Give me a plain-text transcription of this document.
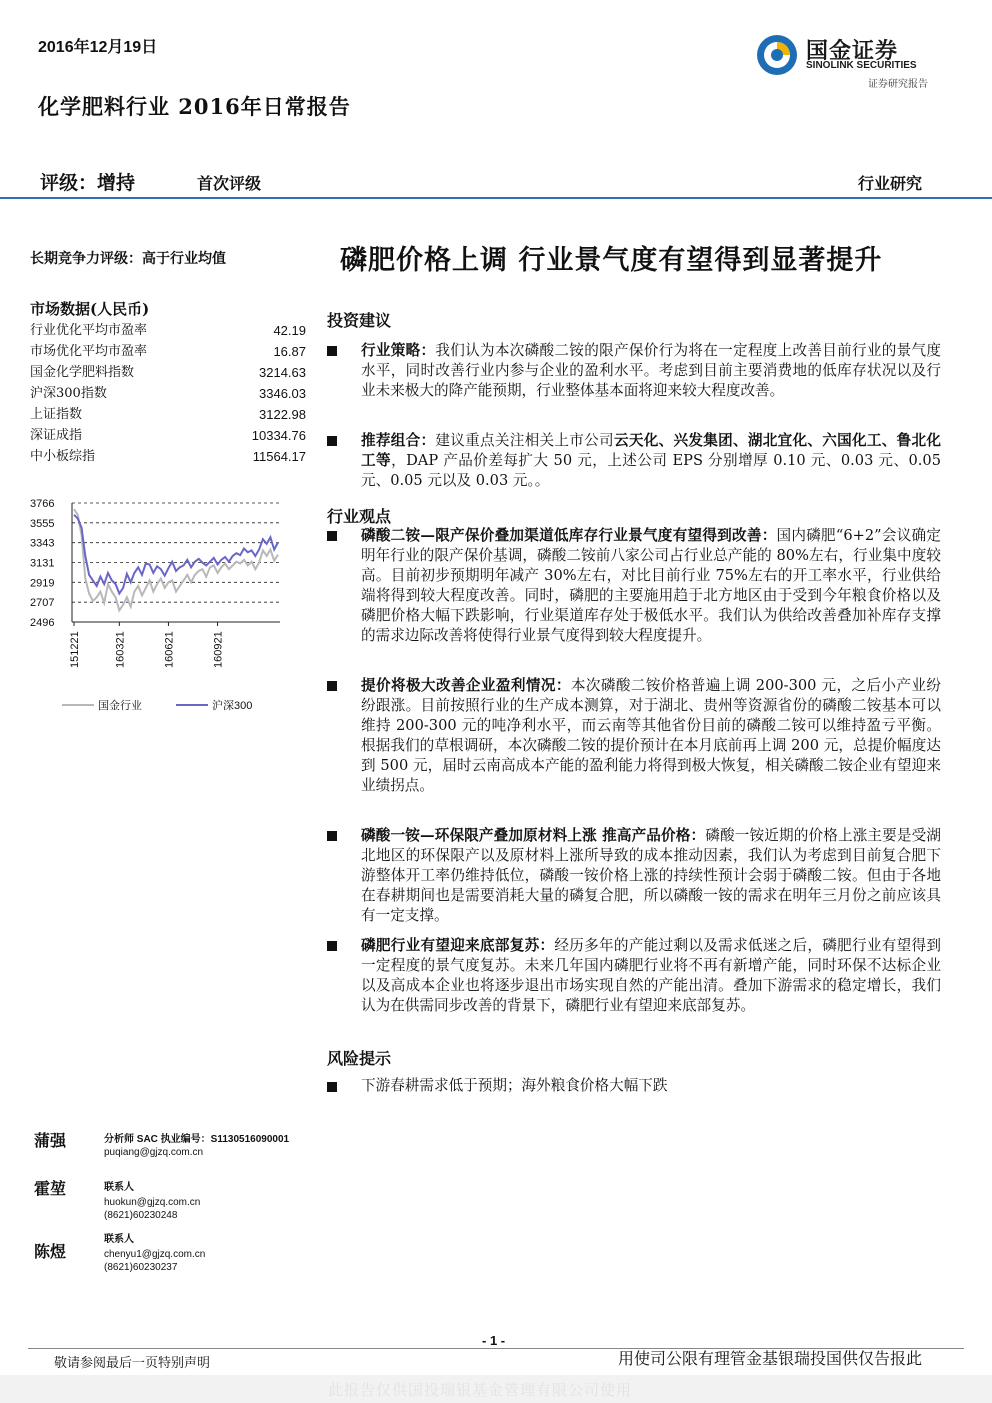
2016年12月19日	国金证券
SINOLINK SECURITIES
证券研究报告
化学肥料行业 2016年日常报告
评级：增持	首次评级	行业研究
长期竞争力评级：高于行业均值	磷肥价格上调 行业景气度有望得到显著提升
市场数据(人民币)
行业优化平均市盈率	42.19
市场优化平均市盈率	16.87
国金化学肥料指数	3214.63
沪深300指数	3346.03
上证指数	3122.98
深证成指	10334.76
中小板综指	11564.17
3766
3555
3343
3131
2919
2707
2496
151221	160321	160621	160921
国金行业	沪深300
投资建议
行业策略：我们认为本次磷酸二铵的限产保价行为将在一定程度上改善目前行业的景气度水平，同时改善行业内参与企业的盈利水平。考虑到目前主要消费地的低库存状况以及行业未来极大的降产能预期，行业整体基本面将迎来较大程度改善。
推荐组合：建议重点关注相关上市公司云天化、兴发集团、湖北宜化、六国化工、鲁北化工等，DAP 产品价差每扩大 50 元，上述公司 EPS 分别增厚 0.10 元、0.03 元、0.05 元、0.05 元以及 0.03 元。。
行业观点
磷酸二铵—限产保价叠加渠道低库存行业景气度有望得到改善：国内磷肥“6+2”会议确定明年行业的限产保价基调，磷酸二铵前八家公司占行业总产能的 80%左右，行业集中度较高。目前初步预期明年减产 30%左右，对比目前行业 75%左右的开工率水平，行业供给端将得到较大程度改善。同时，磷肥的主要施用趋于北方地区由于受到今年粮食价格以及磷肥价格大幅下跌影响，行业渠道库存处于极低水平。我们认为供给改善叠加补库存支撑的需求边际改善将使得行业景气度得到较大程度提升。
提价将极大改善企业盈利情况：本次磷酸二铵价格普遍上调 200-300 元，之后小产业纷纷跟涨。目前按照行业的生产成本测算，对于湖北、贵州等资源省份的磷酸二铵基本可以维持 200-300 元的吨净利水平，而云南等其他省份目前的磷酸二铵可以维持盈亏平衡。根据我们的草根调研，本次磷酸二铵的提价预计在本月底前再上调 200 元，总提价幅度达到 500 元，届时云南高成本产能的盈利能力将得到极大恢复，相关磷酸二铵企业有望迎来业绩拐点。
磷酸一铵—环保限产叠加原材料上涨 推高产品价格：磷酸一铵近期的价格上涨主要是受湖北地区的环保限产以及原材料上涨所导致的成本推动因素，我们认为考虑到目前复合肥下游整体开工率仍维持低位，磷酸一铵价格上涨的持续性预计会弱于磷酸二铵。但由于各地在春耕期间也是需要消耗大量的磷复合肥，所以磷酸一铵的需求在明年三月份之前应该具有一定支撑。
磷肥行业有望迎来底部复苏：经历多年的产能过剩以及需求低迷之后，磷肥行业有望得到一定程度的景气度复苏。未来几年国内磷肥行业将不再有新增产能，同时环保不达标企业以及高成本企业也将逐步退出市场实现自然的产能出清。叠加下游需求的稳定增长，我们认为在供需同步改善的背景下，磷肥行业有望迎来底部复苏。
风险提示
下游春耕需求低于预期；海外粮食价格大幅下跌
蒲强	分析师 SAC 执业编号：S1130516090001
puqiang@gjzq.com.cn
霍堃	联系人
huokun@gjzq.com.cn
(8621)60230248
陈煜
联系人
chenyu1@gjzq.com.cn
(8621)60230237
- 1 -
敬请参阅最后一页特别声明	用使司公限有理管金基银瑞投国供仅告报此
此报告仅供国投瑞银基金管理有限公司使用
